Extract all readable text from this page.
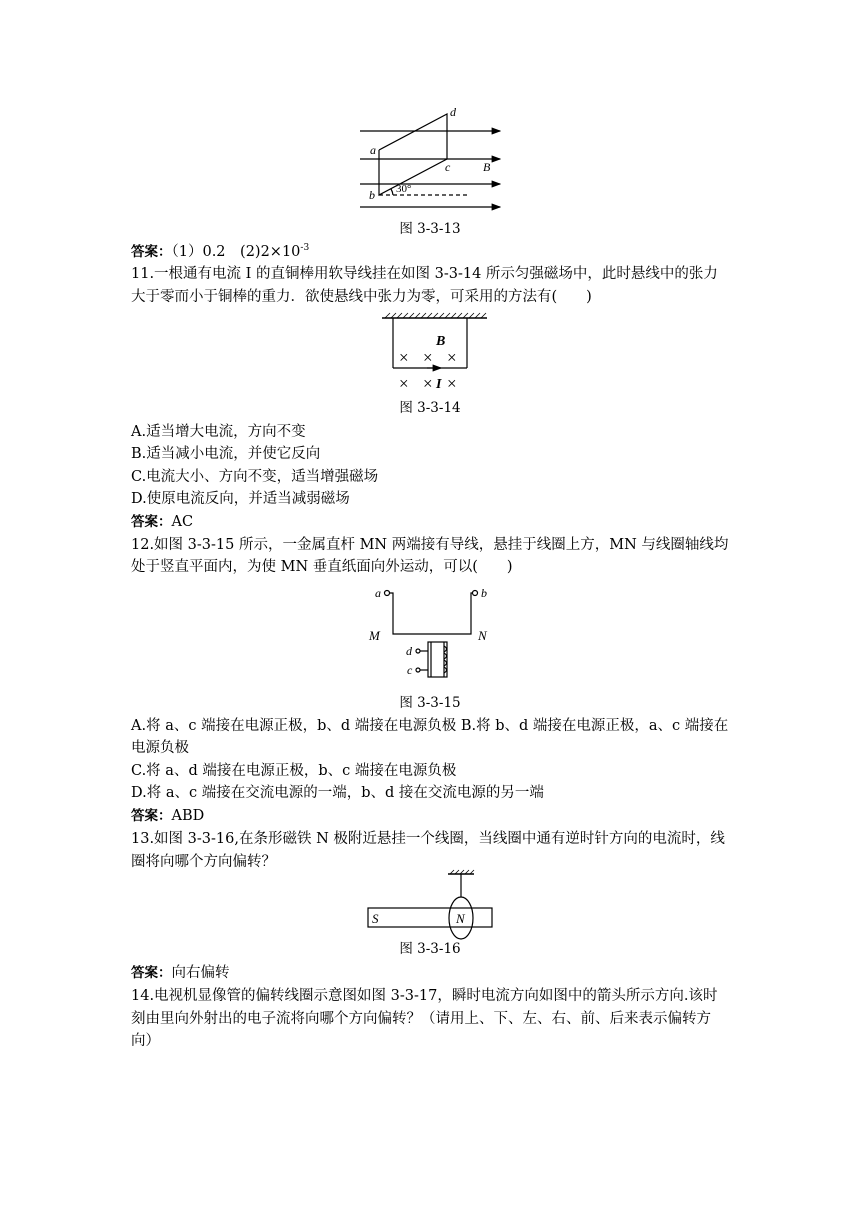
d
a
c	B
b 30°
图 3-3-13
答案：（1）0.2　$(2)2\times 10^{-3}$
11.一根通有电流 I 的直铜棒用软导线挂在如图 3-3-14 所示匀强磁场中，此时悬线中的张力
大于零而小于铜棒的重力．欲使悬线中张力为零，可采用的方法有(　　)
B
× × ×
× × I ×
图 3-3-14
A.适当增大电流，方向不变
B.适当减小电流，并使它反向
C.电流大小、方向不变，适当增强磁场
D.使原电流反向，并适当减弱磁场
答案：AC
12.如图 3-3-15 所示，一金属直杆 MN 两端接有导线，悬挂于线圈上方，MN 与线圈轴线均
处于竖直平面内，为使 MN 垂直纸面向外运动，可以(　　)
a	b
M	N
d
c
图 3-3-15
A.将 a、c 端接在电源正极，b、d 端接在电源负极 B.将 b、d 端接在电源正极，a、c 端接在
电源负极
C.将 a、d 端接在电源正极，b、c 端接在电源负极
D.将 a、c 端接在交流电源的一端，b、d 接在交流电源的另一端
答案：ABD
13.如图 3-3-16,在条形磁铁 N 极附近悬挂一个线圈，当线圈中通有逆时针方向的电流时，线
圈将向哪个方向偏转？
S	N
图 3-3-16
答案：向右偏转
14.电视机显像管的偏转线圈示意图如图 3-3-17，瞬时电流方向如图中的箭头所示方向.该时
刻由里向外射出的电子流将向哪个方向偏转？（请用上、下、左、右、前、后来表示偏转方
向）
